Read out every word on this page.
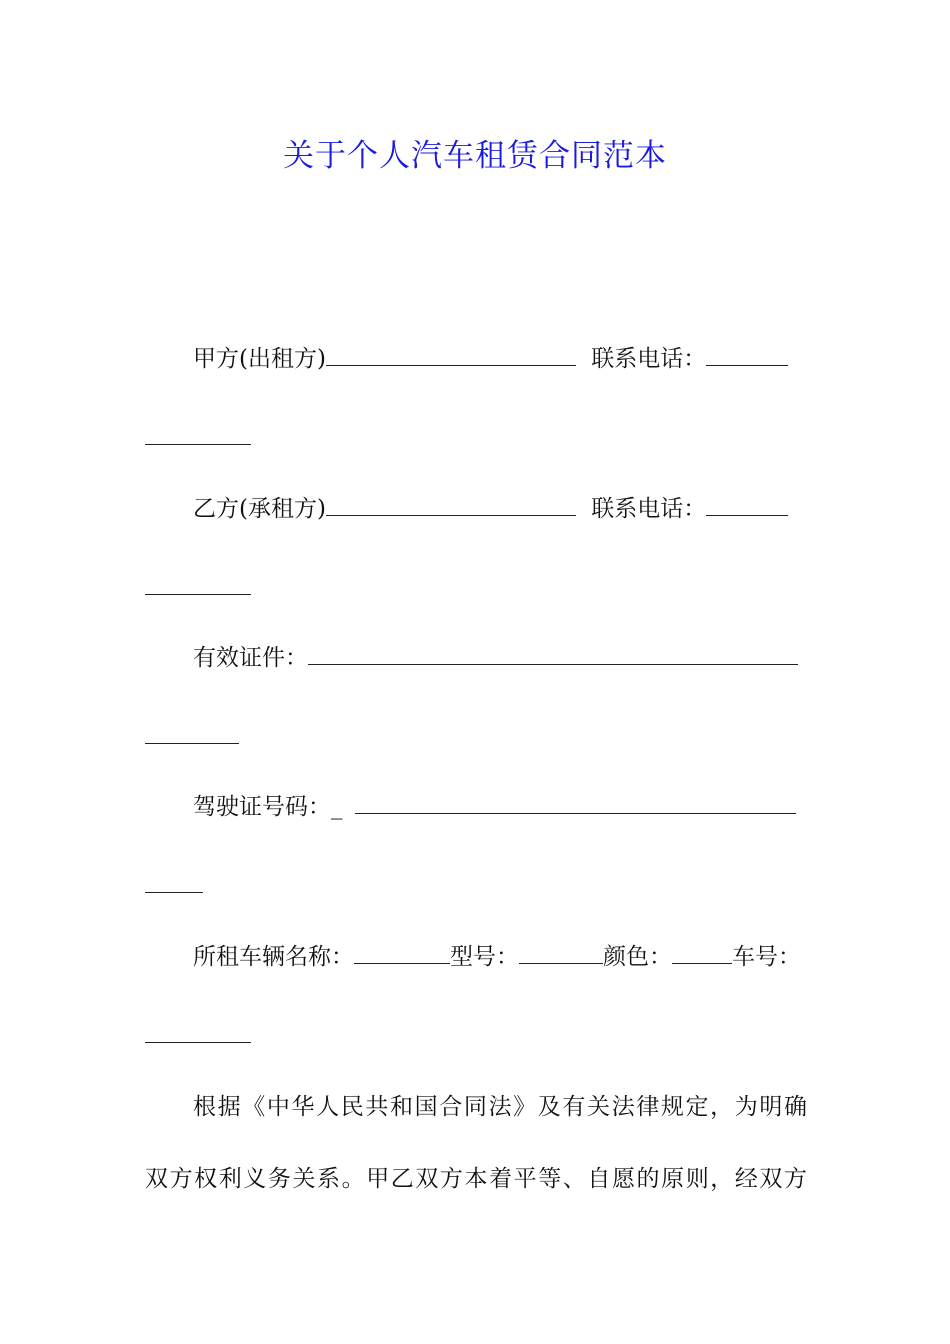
关于个人汽车租赁合同范本
甲方(出租方)	联系电话：
乙方(承租方)	联系电话：
有效证件：
驾驶证号码：_
所租车辆名称：	型号：	颜色：	车号：
根据《中华人民共和国合同法》及有关法律规定，为明确
双方权利义务关系。甲乙双方本着平等、自愿的原则，经双方
